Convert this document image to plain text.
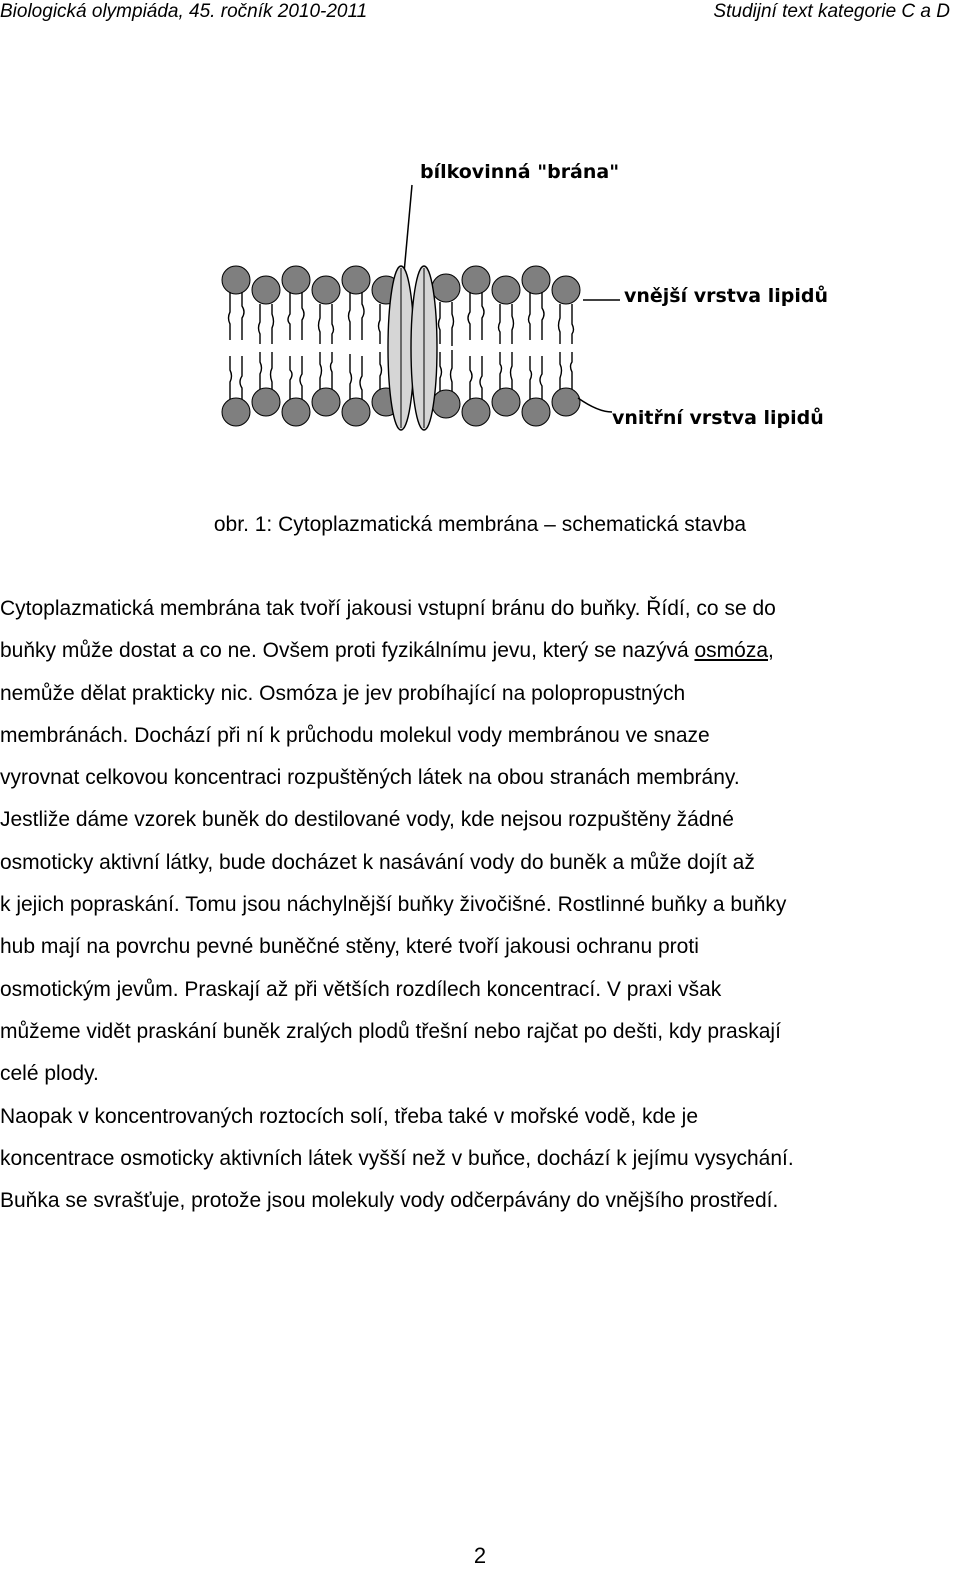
Biologická olympiáda, 45. ročník 2010-2011	Studijní text kategorie C a D
bílkovinná "brána"
vnější vrstva lipidů
vnitřní vrstva lipidů
obr. 1: Cytoplazmatická membrána – schematická stavba
Cytoplazmatická membrána tak tvoří jakousi vstupní bránu do buňky. Řídí, co se do
buňky může dostat a co ne. Ovšem proti fyzikálnímu jevu, který se nazývá osmóza,
nemůže dělat prakticky nic. Osmóza je jev probíhající na polopropustných
membránách. Dochází při ní k průchodu molekul vody membránou ve snaze
vyrovnat celkovou koncentraci rozpuštěných látek na obou stranách membrány.
Jestliže dáme vzorek buněk do destilované vody, kde nejsou rozpuštěny žádné
osmoticky aktivní látky, bude docházet k nasávání vody do buněk a může dojít až
k jejich popraskání. Tomu jsou náchylnější buňky živočišné. Rostlinné buňky a buňky
hub mají na povrchu pevné buněčné stěny, které tvoří jakousi ochranu proti
osmotickým jevům. Praskají až při větších rozdílech koncentrací. V praxi však
můžeme vidět praskání buněk zralých plodů třešní nebo rajčat po dešti, kdy praskají
celé plody.
Naopak v koncentrovaných roztocích solí, třeba také v mořské vodě, kde je
koncentrace osmoticky aktivních látek vyšší než v buňce, dochází k jejímu vysychání.
Buňka se svrašťuje, protože jsou molekuly vody odčerpávány do vnějšího prostředí.
2
